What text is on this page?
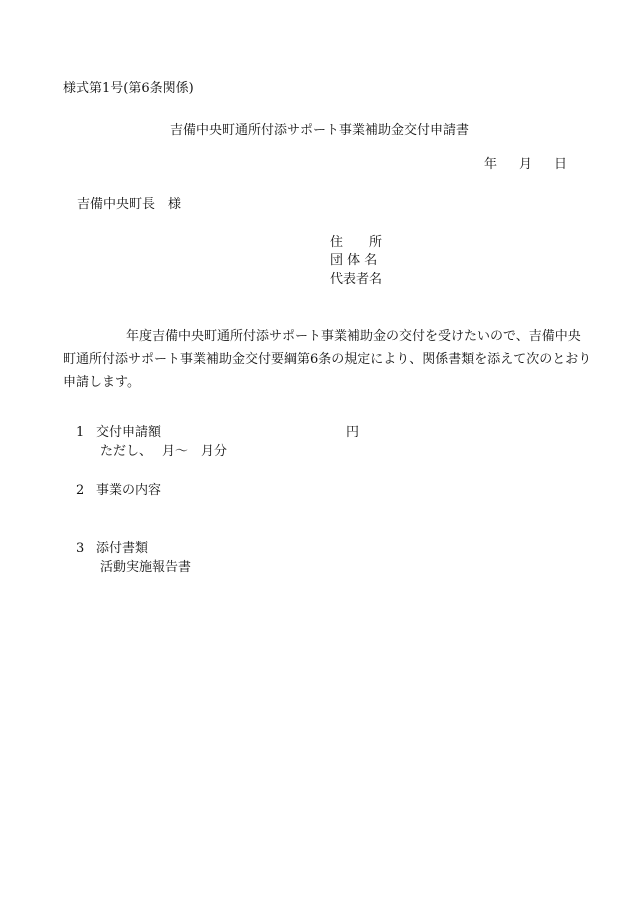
様式第1号(第6条関係)
吉備中央町通所付添サポート事業補助金交付申請書
年 月 日
吉備中央町長　様
住　　所
団 体 名
代表者名
年度吉備中央町通所付添サポート事業補助金の交付を受けたいので、吉備中央
町通所付添サポート事業補助金交付要綱第6条の規定により、関係書類を添えて次のとおり
申請します。
1 交付申請額	円
ただし、 月〜 月分
2 事業の内容
3 添付書類
活動実施報告書
